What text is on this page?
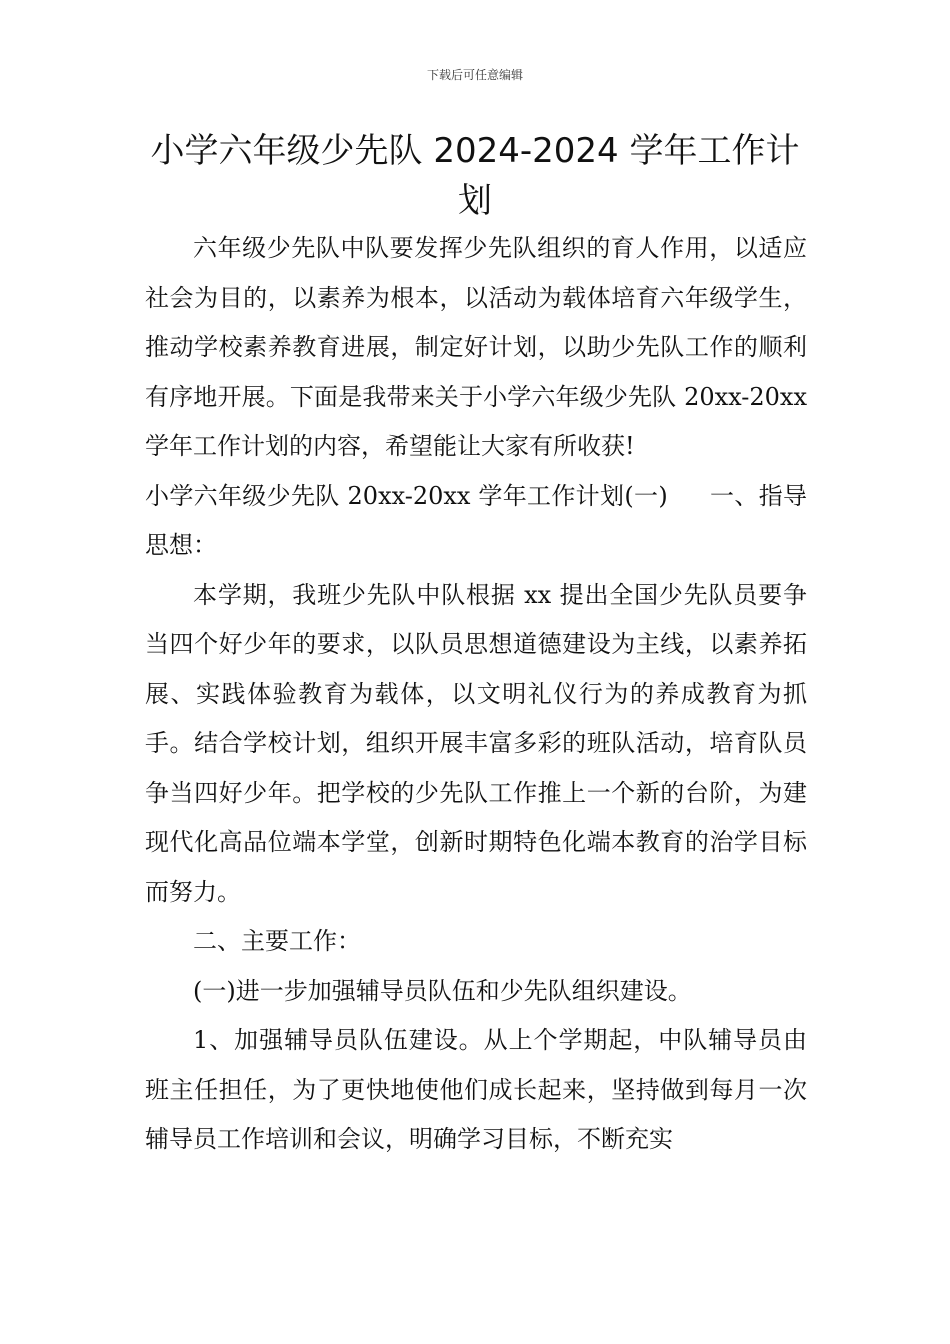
下载后可任意编辑
小学六年级少先队 2024-2024 学年工作计划

六年级少先队中队要发挥少先队组织的育人作用，以适应社会为目的，以素养为根本，以活动为载体培育六年级学生，推动学校素养教育进展，制定好计划，以助少先队工作的顺利有序地开展。下面是我带来关于小学六年级少先队 20xx-20xx 学年工作计划的内容，希望能让大家有所收获!

小学六年级少先队 20xx-20xx 学年工作计划(一) 一、指导思想：

本学期，我班少先队中队根据 xx 提出全国少先队员要争当四个好少年的要求，以队员思想道德建设为主线，以素养拓展、实践体验教育为载体，以文明礼仪行为的养成教育为抓手。结合学校计划，组织开展丰富多彩的班队活动，培育队员争当四好少年。把学校的少先队工作推上一个新的台阶，为建现代化高品位端本学堂，创新时期特色化端本教育的治学目标而努力。

二、主要工作：

(一)进一步加强辅导员队伍和少先队组织建设。

1、加强辅导员队伍建设。从上个学期起，中队辅导员由班主任担任，为了更快地使他们成长起来，坚持做到每月一次辅导员工作培训和会议，明确学习目标，不断充实
